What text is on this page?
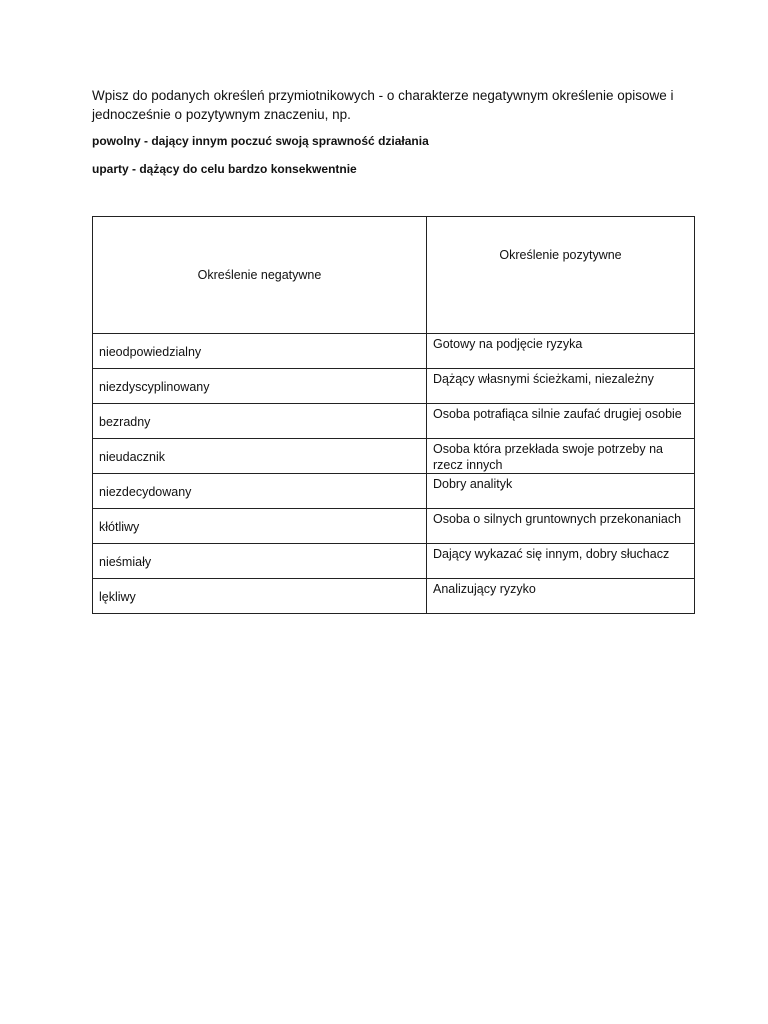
Wpisz do podanych określeń przymiotnikowych - o charakterze negatywnym określenie opisowe i jednocześnie o pozytywnym znaczeniu, np.

powolny - dający innym poczuć swoją sprawność działania

uparty - dążący do celu bardzo konsekwentnie

Określenie negatywne	Określenie pozytywne
nieodpowiedzialny	Gotowy na podjęcie ryzyka
niezdyscyplinowany	Dążący własnymi ścieżkami, niezależny
bezradny	Osoba potrafiąca silnie zaufać drugiej osobie
nieudacznik	Osoba która przekłada swoje potrzeby na rzecz innych
niezdecydowany	Dobry analityk
kłótliwy	Osoba o silnych gruntownych przekonaniach
nieśmiały	Dający wykazać się innym, dobry słuchacz
lękliwy	Analizujący ryzyko
